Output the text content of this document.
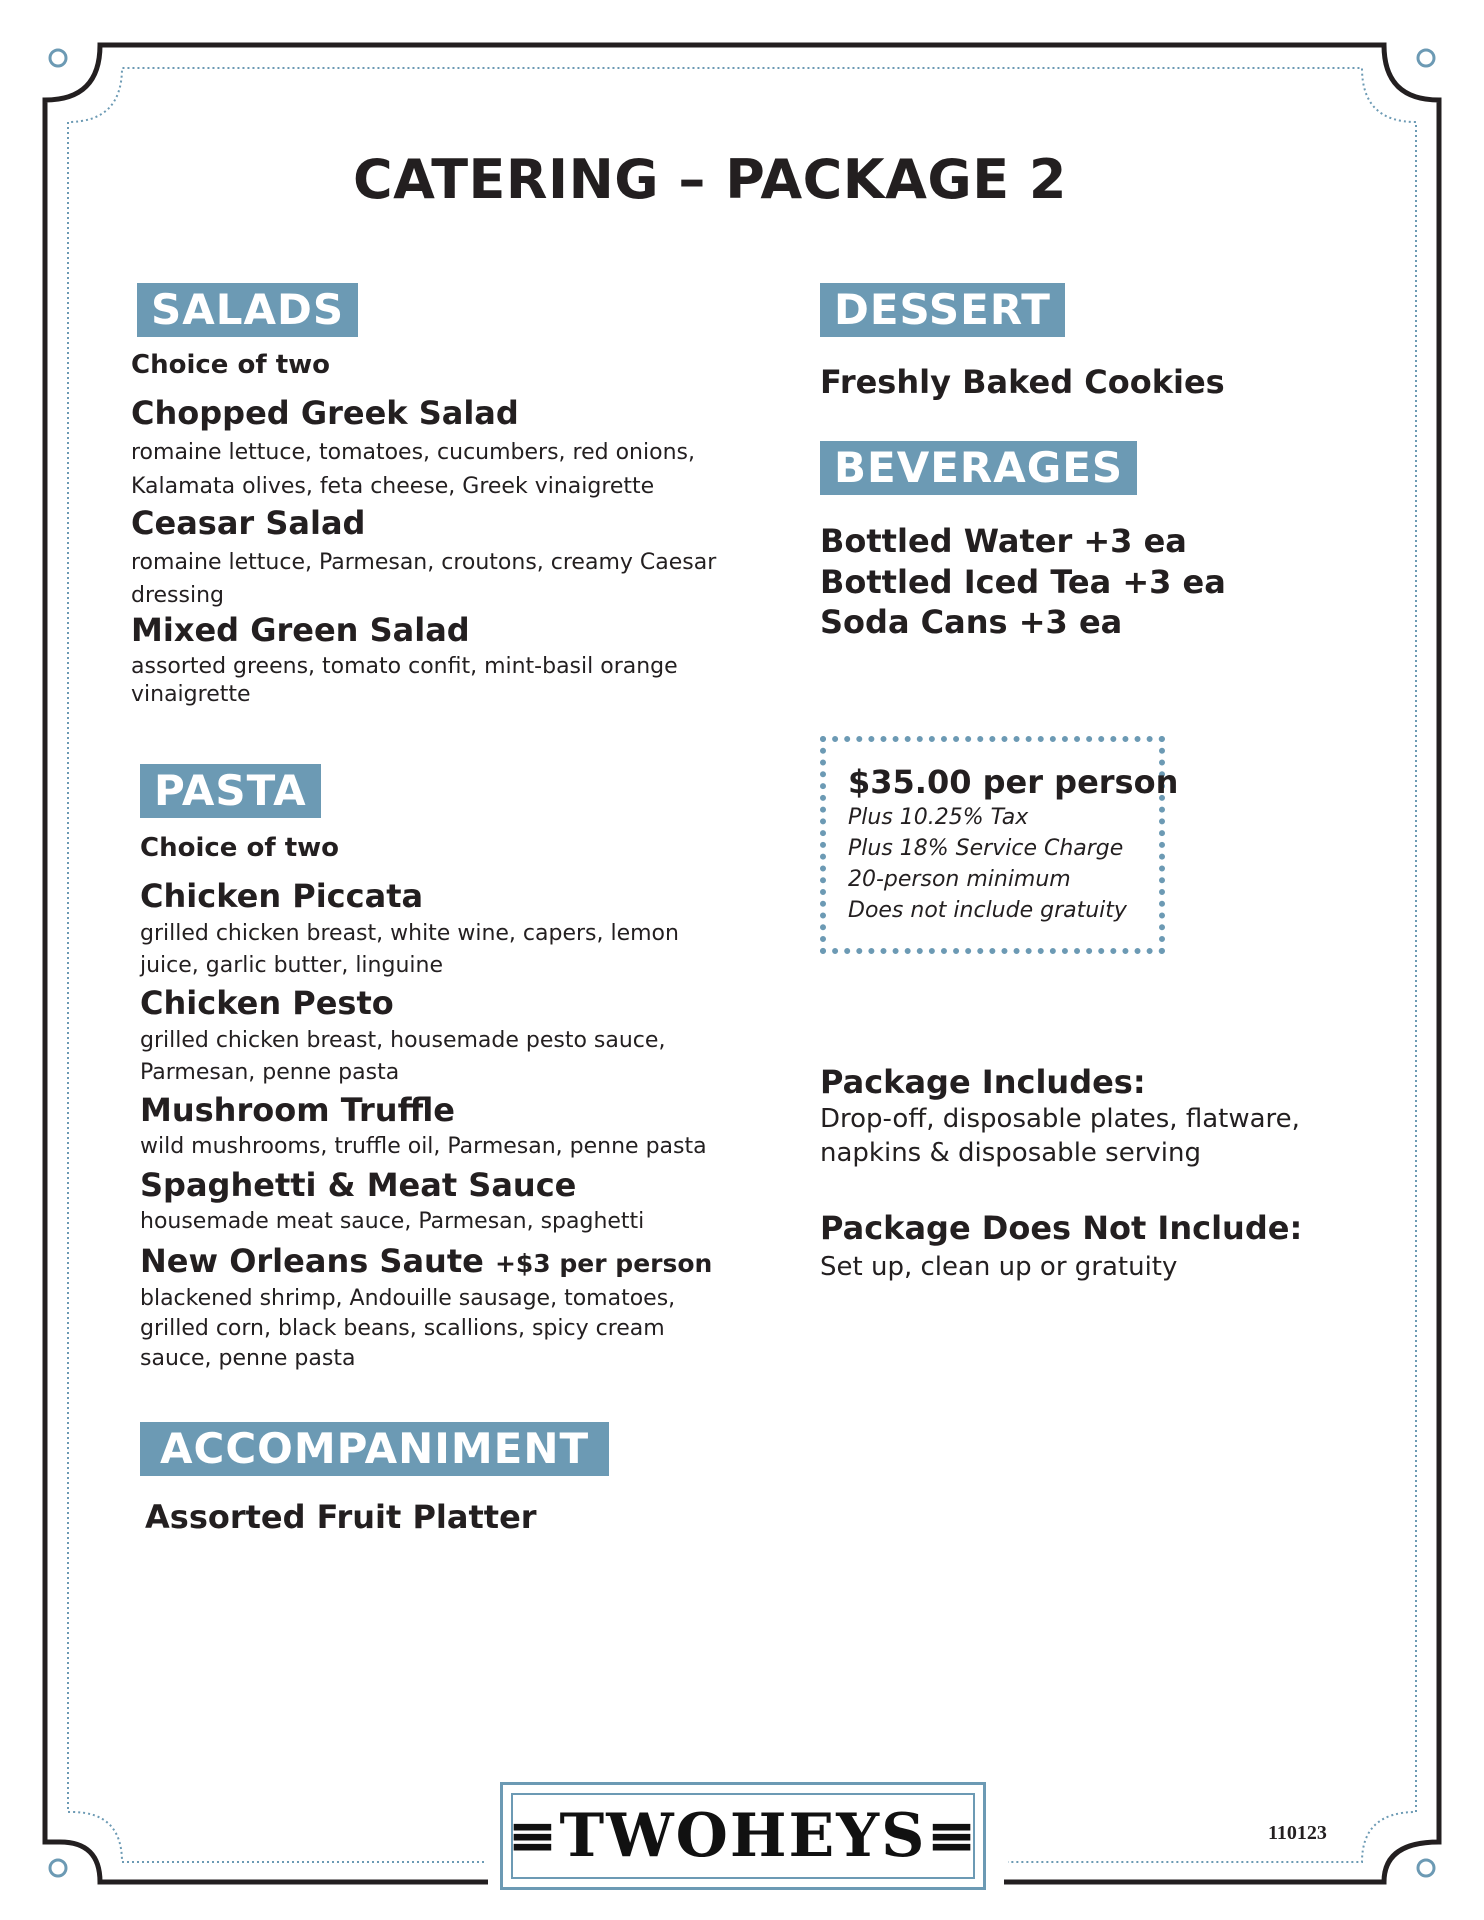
CATERING – PACKAGE 2
SALADS
Choice of two
Chopped Greek Salad
romaine lettuce, tomatoes, cucumbers, red onions, Kalamata olives, feta cheese, Greek vinaigrette
Ceasar Salad
romaine lettuce, Parmesan, croutons, creamy Caesar dressing
Mixed Green Salad
assorted greens, tomato confit, mint-basil orange vinaigrette
PASTA
Choice of two
Chicken Piccata
grilled chicken breast, white wine, capers, lemon juice, garlic butter, linguine
Chicken Pesto
grilled chicken breast, housemade pesto sauce, Parmesan, penne pasta
Mushroom Truffle
wild mushrooms, truffle oil, Parmesan, penne pasta
Spaghetti & Meat Sauce
housemade meat sauce, Parmesan, spaghetti
New Orleans Saute +$3 per person
blackened shrimp, Andouille sausage, tomatoes, grilled corn, black beans, scallions, spicy cream sauce, penne pasta
ACCOMPANIMENT
Assorted Fruit Platter
DESSERT
Freshly Baked Cookies
BEVERAGES
Bottled Water +3 ea
Bottled Iced Tea +3 ea
Soda Cans +3 ea
$35.00 per person
Plus 10.25% Tax
Plus 18% Service Charge
20-person minimum
Does not include gratuity
Package Includes:
Drop-off, disposable plates, flatware, napkins & disposable serving
Package Does Not Include:
Set up, clean up or gratuity
≡TWOHEYS≡	110123
